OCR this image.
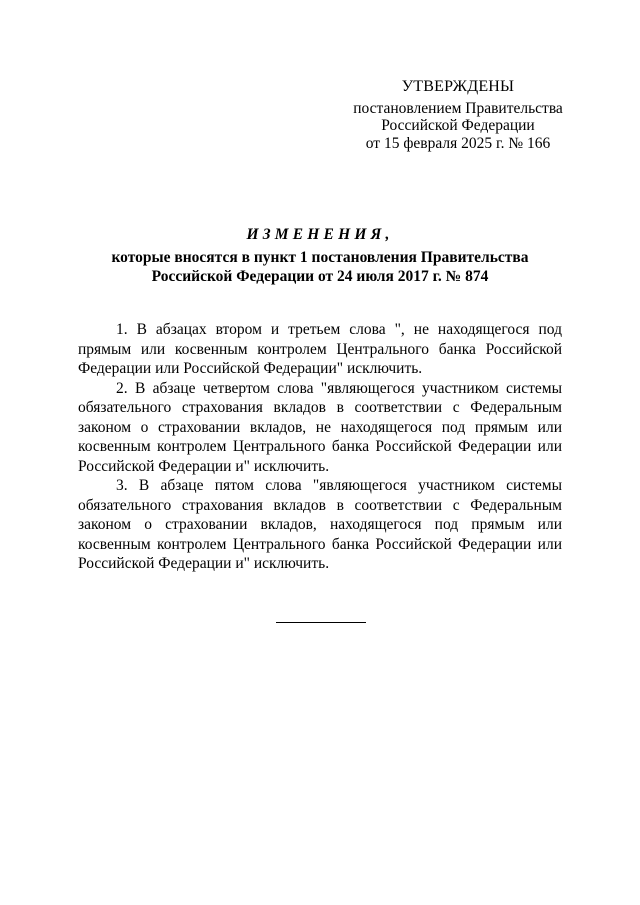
УТВЕРЖДЕНЫ
постановлением Правительства
Российской Федерации
от 15 февраля 2025 г. № 166
ИЗМЕНЕНИЯ,
которые вносятся в пункт 1 постановления Правительства
Российской Федерации от 24 июля 2017 г. № 874

1. В абзацах втором и третьем слова ", не находящегося под прямым или косвенным контролем Центрального банка Российской Федерации или Российской Федерации" исключить.

2. В абзаце четвертом слова "являющегося участником системы обязательного страхования вкладов в соответствии с Федеральным законом о страховании вкладов, не находящегося под прямым или косвенным контролем Центрального банка Российской Федерации или Российской Федерации и" исключить.

3. В абзаце пятом слова "являющегося участником системы обязательного страхования вкладов в соответствии с Федеральным законом о страховании вкладов, находящегося под прямым или косвенным контролем Центрального банка Российской Федерации или Российской Федерации и" исключить.
